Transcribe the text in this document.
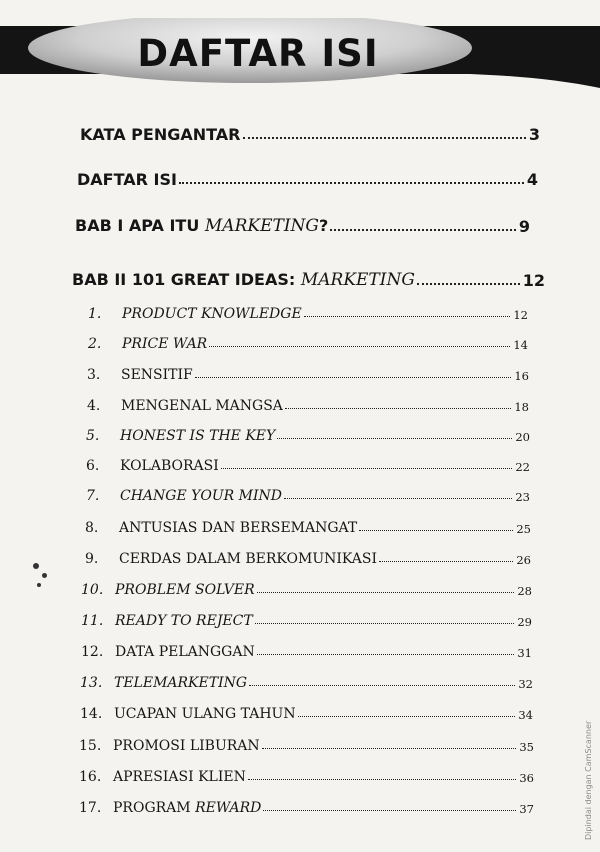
DAFTAR ISI
KATA PENGANTAR	3
DAFTAR ISI	4
BAB I APA ITU MARKETING?	9
BAB II 101 GREAT IDEAS: MARKETING	12
1. PRODUCT KNOWLEDGE	12
2. PRICE WAR	14
3. SENSITIF	16
4. MENGENAL MANGSA	18
5. HONEST IS THE KEY	20
6. KOLABORASI	22
7. CHANGE YOUR MIND	23
8. ANTUSIAS DAN BERSEMANGAT	25
9. CERDAS DALAM BERKOMUNIKASI	26
10. PROBLEM SOLVER	28
11. READY TO REJECT	29
12. DATA PELANGGAN	31
13. TELEMARKETING	32
14. UCAPAN ULANG TAHUN	34
15. PROMOSI LIBURAN	35
16. APRESIASI KLIEN	36
17. PROGRAM REWARD	37	Dipindai dengan CamScanner
